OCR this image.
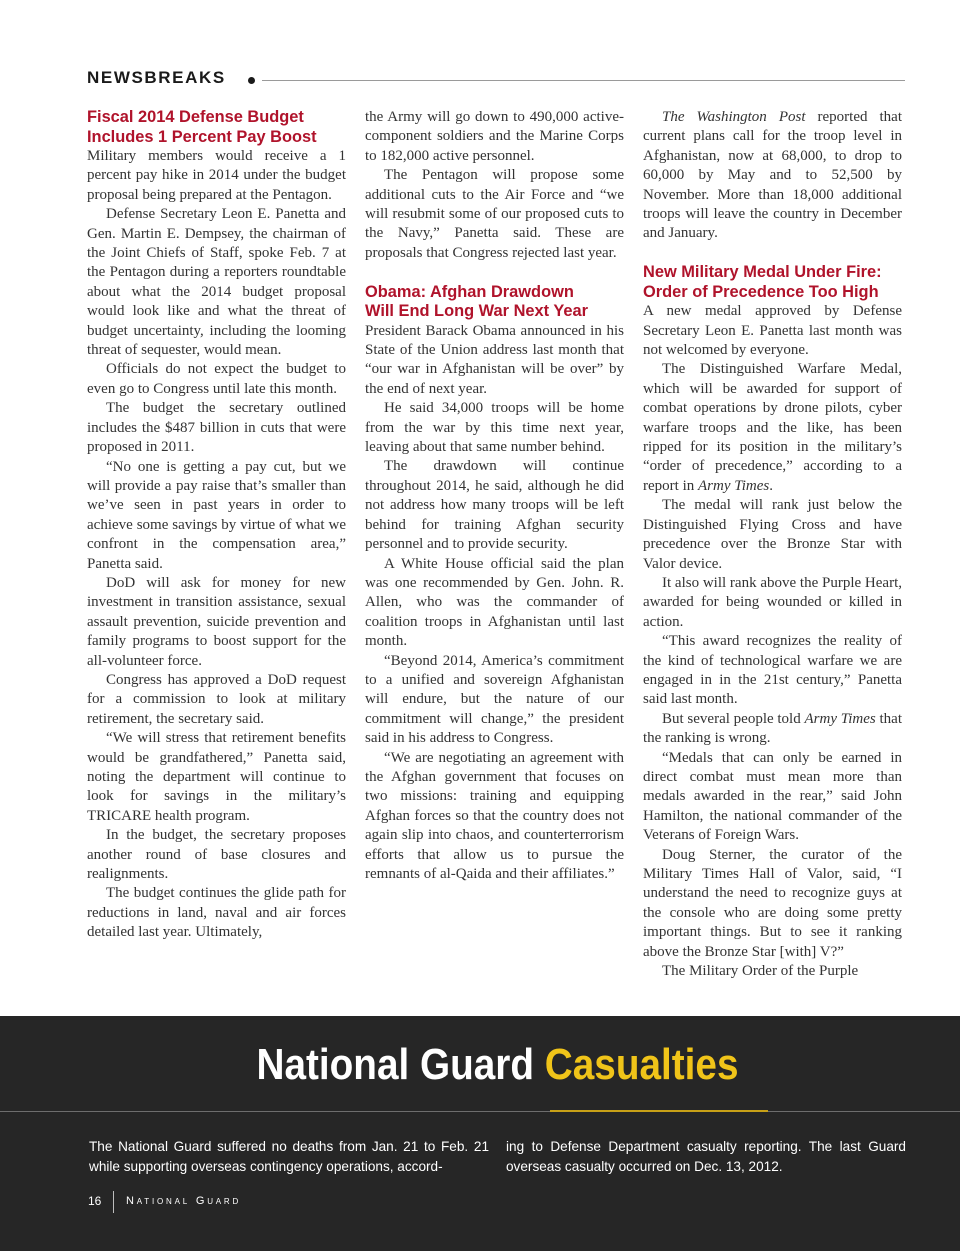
NEWSBREAKS
Fiscal 2014 Defense Budget
Includes 1 Percent Pay Boost

Military members would receive a 1 percent pay hike in 2014 under the budget proposal being prepared at the Pentagon.

Defense Secretary Leon E. Panetta and Gen. Martin E. Dempsey, the chairman of the Joint Chiefs of Staff, spoke Feb. 7 at the Pentagon during a reporters roundtable about what the 2014 budget proposal would look like and what the threat of budget uncertainty, including the looming threat of sequester, would mean.

Officials do not expect the budget to even go to Congress until late this month.

The budget the secretary outlined includes the $487 billion in cuts that were proposed in 2011.

“No one is getting a pay cut, but we will provide a pay raise that’s smaller than we’ve seen in past years in order to achieve some savings by virtue of what we confront in the compensation area,” Panetta said.

DoD will ask for money for new investment in transition assistance, sexual assault prevention, suicide prevention and family programs to boost support for the all-volunteer force.

Congress has approved a DoD request for a commission to look at military retirement, the secretary said.

“We will stress that retirement benefits would be grandfathered,” Panetta said, noting the department will continue to look for savings in the military’s TRICARE health program.

In the budget, the secretary proposes another round of base closures and realignments.

The budget continues the glide path for reductions in land, naval and air forces detailed last year. Ultimately,

the Army will go down to 490,000 active-component soldiers and the Marine Corps to 182,000 active personnel.

The Pentagon will propose some additional cuts to the Air Force and “we will resubmit some of our proposed cuts to the Navy,” Panetta said. These are proposals that Congress rejected last year.

Obama: Afghan Drawdown
Will End Long War Next Year

President Barack Obama announced in his State of the Union address last month that “our war in Afghanistan will be over” by the end of next year.

He said 34,000 troops will be home from the war by this time next year, leaving about that same number behind.

The drawdown will continue throughout 2014, he said, although he did not address how many troops will be left behind for training Afghan security personnel and to provide security.

A White House official said the plan was one recommended by Gen. John. R. Allen, who was the commander of coalition troops in Afghanistan until last month.

“Beyond 2014, America’s commitment to a unified and sovereign Afghanistan will endure, but the nature of our commitment will change,” the president said in his address to Congress.

“We are negotiating an agreement with the Afghan government that focuses on two missions: training and equipping Afghan forces so that the country does not again slip into chaos, and counterterrorism efforts that allow us to pursue the remnants of al-Qaida and their affiliates.”

The Washington Post reported that current plans call for the troop level in Afghanistan, now at 68,000, to drop to 60,000 by May and to 52,500 by November. More than 18,000 additional troops will leave the country in December and January.

New Military Medal Under Fire:
Order of Precedence Too High

A new medal approved by Defense Secretary Leon E. Panetta last month was not welcomed by everyone.

The Distinguished Warfare Medal, which will be awarded for support of combat operations by drone pilots, cyber warfare troops and the like, has been ripped for its position in the military’s “order of precedence,” according to a report in Army Times.

The medal will rank just below the Distinguished Flying Cross and have precedence over the Bronze Star with Valor device.

It also will rank above the Purple Heart, awarded for being wounded or killed in action.

“This award recognizes the reality of the kind of technological warfare we are engaged in in the 21st century,” Panetta said last month.

But several people told Army Times that the ranking is wrong.

“Medals that can only be earned in direct combat must mean more than medals awarded in the rear,” said John Hamilton, the national commander of the Veterans of Foreign Wars.

Doug Sterner, the curator of the Military Times Hall of Valor, said, “I understand the need to recognize guys at the console who are doing some pretty important things. But to see it ranking above the Bronze Star [with] V?”

The Military Order of the Purple

National Guard Casualties
The National Guard suffered no deaths from Jan. 21 to Feb. 21 while supporting overseas contingency operations, accord-
ing to Defense Department casualty reporting. The last Guard overseas casualty occurred on Dec. 13, 2012.
16 National Guard
